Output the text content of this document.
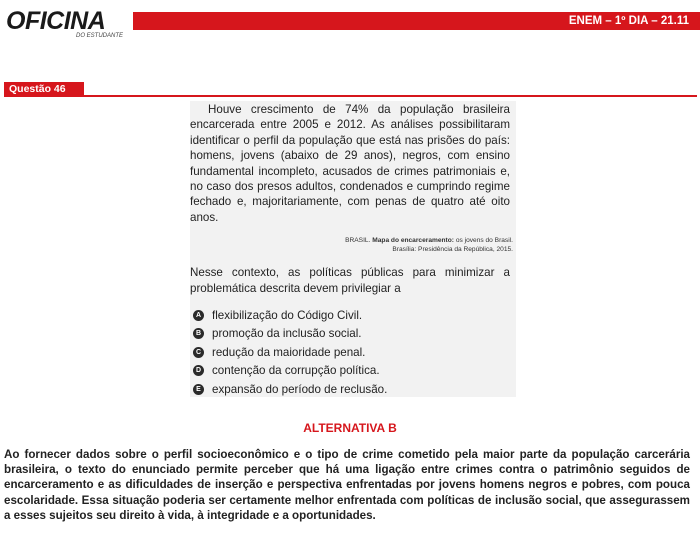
OFICINA
DO ESTUDANTE
ENEM – 1º DIA – 21.11
Questão 46

Houve crescimento de 74% da população brasileira encarcerada entre 2005 e 2012. As análises possibilitaram identificar o perfil da população que está nas prisões do país: homens, jovens (abaixo de 29 anos), negros, com ensino fundamental incompleto, acusados de crimes patrimoniais e, no caso dos presos adultos, condenados e cumprindo regime fechado e, majoritariamente, com penas de quatro até oito anos.

BRASIL. Mapa do encarceramento: os jovens do Brasil.
Brasília: Presidência da República, 2015.
Nesse contexto, as políticas públicas para minimizar a problemática descrita devem privilegiar a
A flexibilização do Código Civil.
B promoção da inclusão social.
C redução da maioridade penal.
D contenção da corrupção política.
E expansão do período de reclusão.
ALTERNATIVA B

Ao fornecer dados sobre o perfil socioeconômico e o tipo de crime cometido pela maior parte da população carcerária brasileira, o texto do enunciado permite perceber que há uma ligação entre crimes contra o patrimônio seguidos de encarceramento e as dificuldades de inserção e perspectiva enfrentadas por jovens homens negros e pobres, com pouca escolaridade. Essa situação poderia ser certamente melhor enfrentada com políticas de inclusão social, que assegurassem a esses sujeitos seu direito à vida, à integridade e a oportunidades.
